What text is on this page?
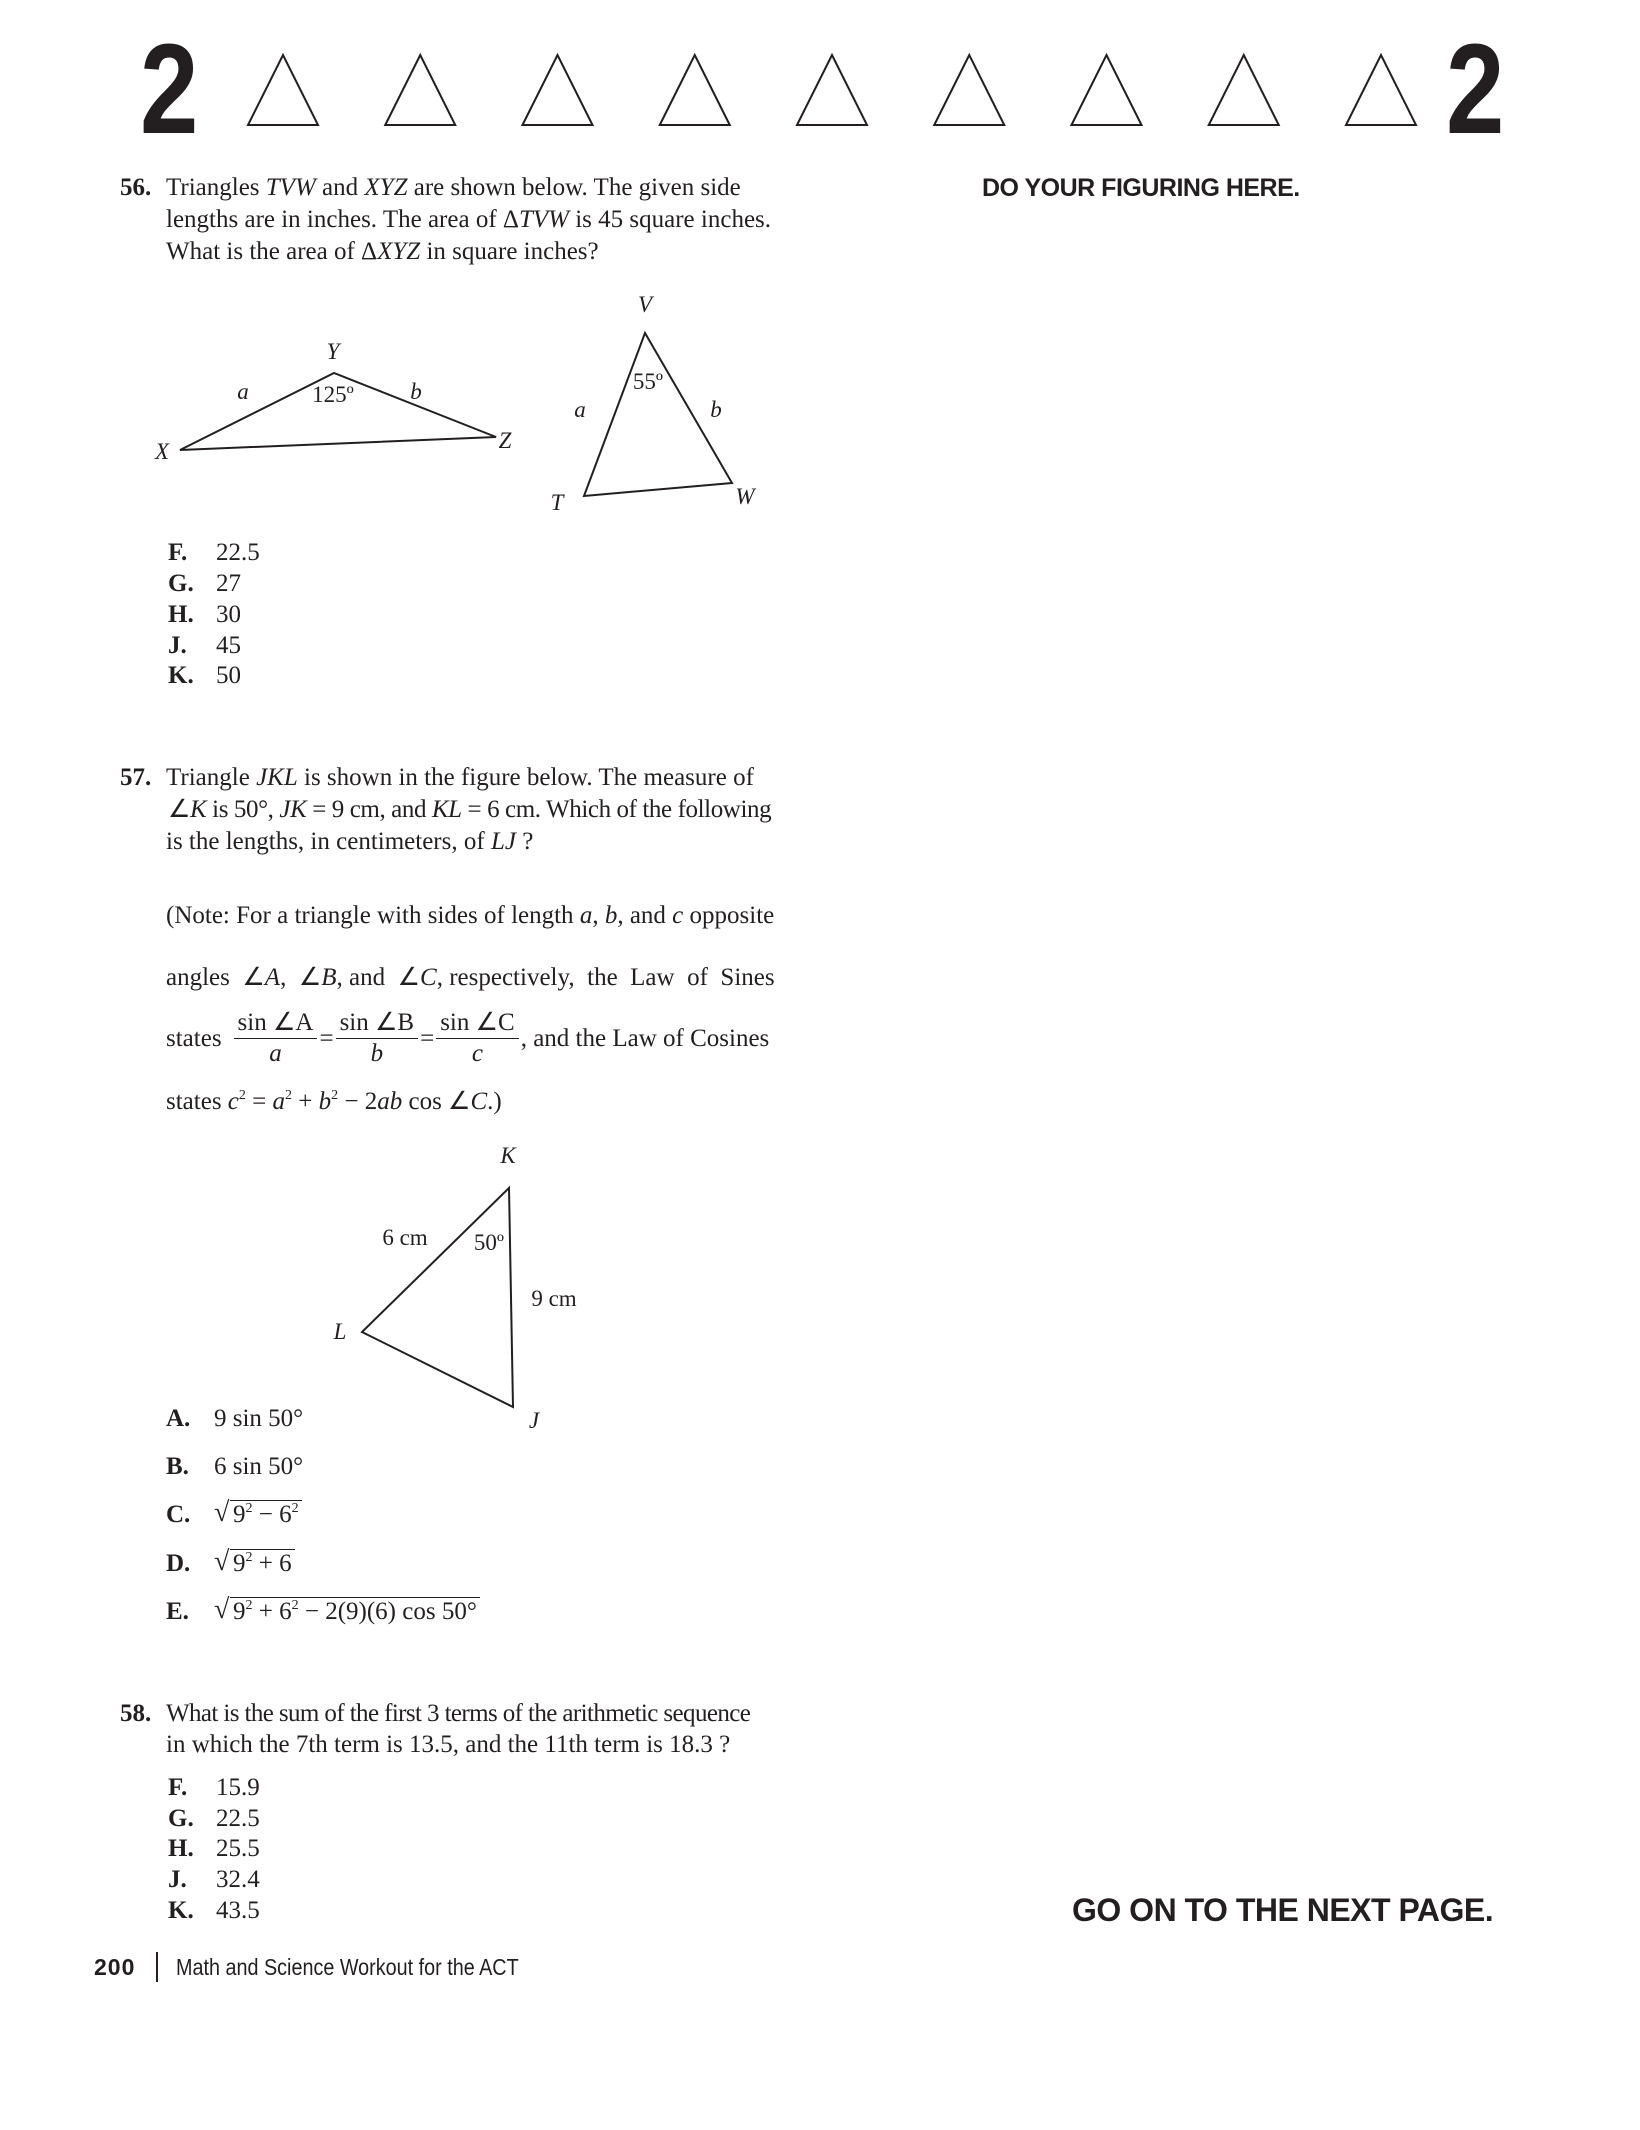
2	2
DO YOUR FIGURING HERE.
GO ON TO THE NEXT PAGE.
56. Triangles TVW and XYZ are shown below. The given side
lengths are in inches. The area of ΔTVW is 45 square inches.
What is the area of ΔXYZ in square inches?
Y
a	125º b
X	Z
V
55º
a	b
T	W
F. 22.5
G. 27
H. 30
J. 45
K. 50
57. Triangle JKL is shown in the figure below. The measure of
∠K is 50°, JK = 9 cm, and KL = 6 cm. Which of the following
is the lengths, in centimeters, of LJ ?
(Note: For a triangle with sides of length a, b, and c opposite
angles  ∠A,  ∠B, and  ∠C, respectively,  the  Law  of  Sines
states $\frac{\sin \angle A}{a} = \frac{\sin \angle B}{b} = \frac{\sin \angle C}{c}$ , and the Law of Cosines
states $c^2 = a^2 + b^2 - 2ab$ cos ∠C.)
K
6 cm 50º
9 cm
L
J
A. 9 sin 50°
B. 6 sin 50°
C. √ $9^2 - 6^2$
D. √ $9^2 + 6$
E. √ $9^2 + 6^2 - 2(9)(6)$ cos 50°
58. What is the sum of the first 3 terms of the arithmetic sequence
in which the 7th term is 13.5, and the 11th term is 18.3 ?
F. 15.9
G. 22.5
H. 25.5
J. 32.4
K. 43.5
200 Math and Science Workout for the ACT
